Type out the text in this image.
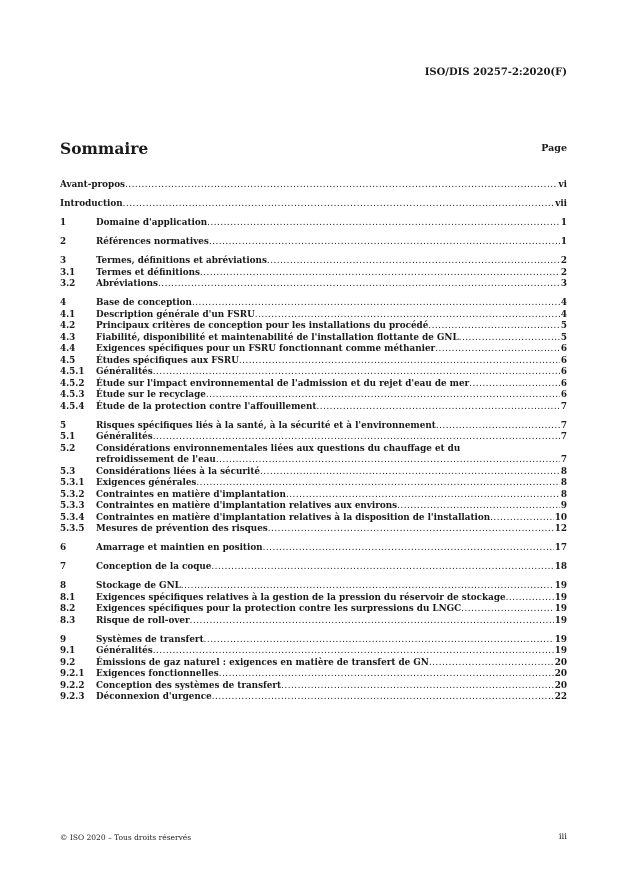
ISO/DIS 20257-2:2020(F)
Sommaire	Page
Avant-propos .....	vi
Introduction .....	vii
1	Domaine d'application .....	1
2	Références normatives .....	1
3	Termes, définitions et abréviations .....	2
3.1	Termes et définitions .....	2
3.2	Abréviations .....	3
4	Base de conception .....	4
4.1	Description générale d'un FSRU .....	4
4.2	Principaux critères de conception pour les installations du procédé .....	5
4.3	Fiabilité, disponibilité et maintenabilité de l'installation flottante de GNL .....	5
4.4	Exigences spécifiques pour un FSRU fonctionnant comme méthanier .....	6
4.5	Études spécifiques aux FSRU .....	6
4.5.1	Généralités .....	6
4.5.2	Étude sur l'impact environnemental de l'admission et du rejet d'eau de mer .....	6
4.5.3	Étude sur le recyclage .....	6
4.5.4	Étude de la protection contre l'affouillement .....	7
5	Risques spécifiques liés à la santé, à la sécurité et à l'environnement .....	7
5.1	Généralités .....	7
5.2	Considérations environnementales liées aux questions du chauffage et du
refroidissement de l'eau .....	7
5.3	Considérations liées à la sécurité .....	8
5.3.1	Exigences générales .....	8
5.3.2	Contraintes en matière d'implantation .....	8
5.3.3	Contraintes en matière d'implantation relatives aux environs .....	9
5.3.4	Contraintes en matière d'implantation relatives à la disposition de l'installation .....	10
5.3.5	Mesures de prévention des risques .....	12
6	Amarrage et maintien en position .....	17
7	Conception de la coque .....	18
8	Stockage de GNL .....	19
8.1	Exigences spécifiques relatives à la gestion de la pression du réservoir de stockage .....	19
8.2	Exigences spécifiques pour la protection contre les surpressions du LNGC .....	19
8.3	Risque de roll-over .....	19
9	Systèmes de transfert .....	19
9.1	Généralités .....	19
9.2	Émissions de gaz naturel : exigences en matière de transfert de GN .....	20
9.2.1	Exigences fonctionnelles .....	20
9.2.2	Conception des systèmes de transfert .....	20
9.2.3	Déconnexion d'urgence .....	22
© ISO 2020 – Tous droits réservés	iii
